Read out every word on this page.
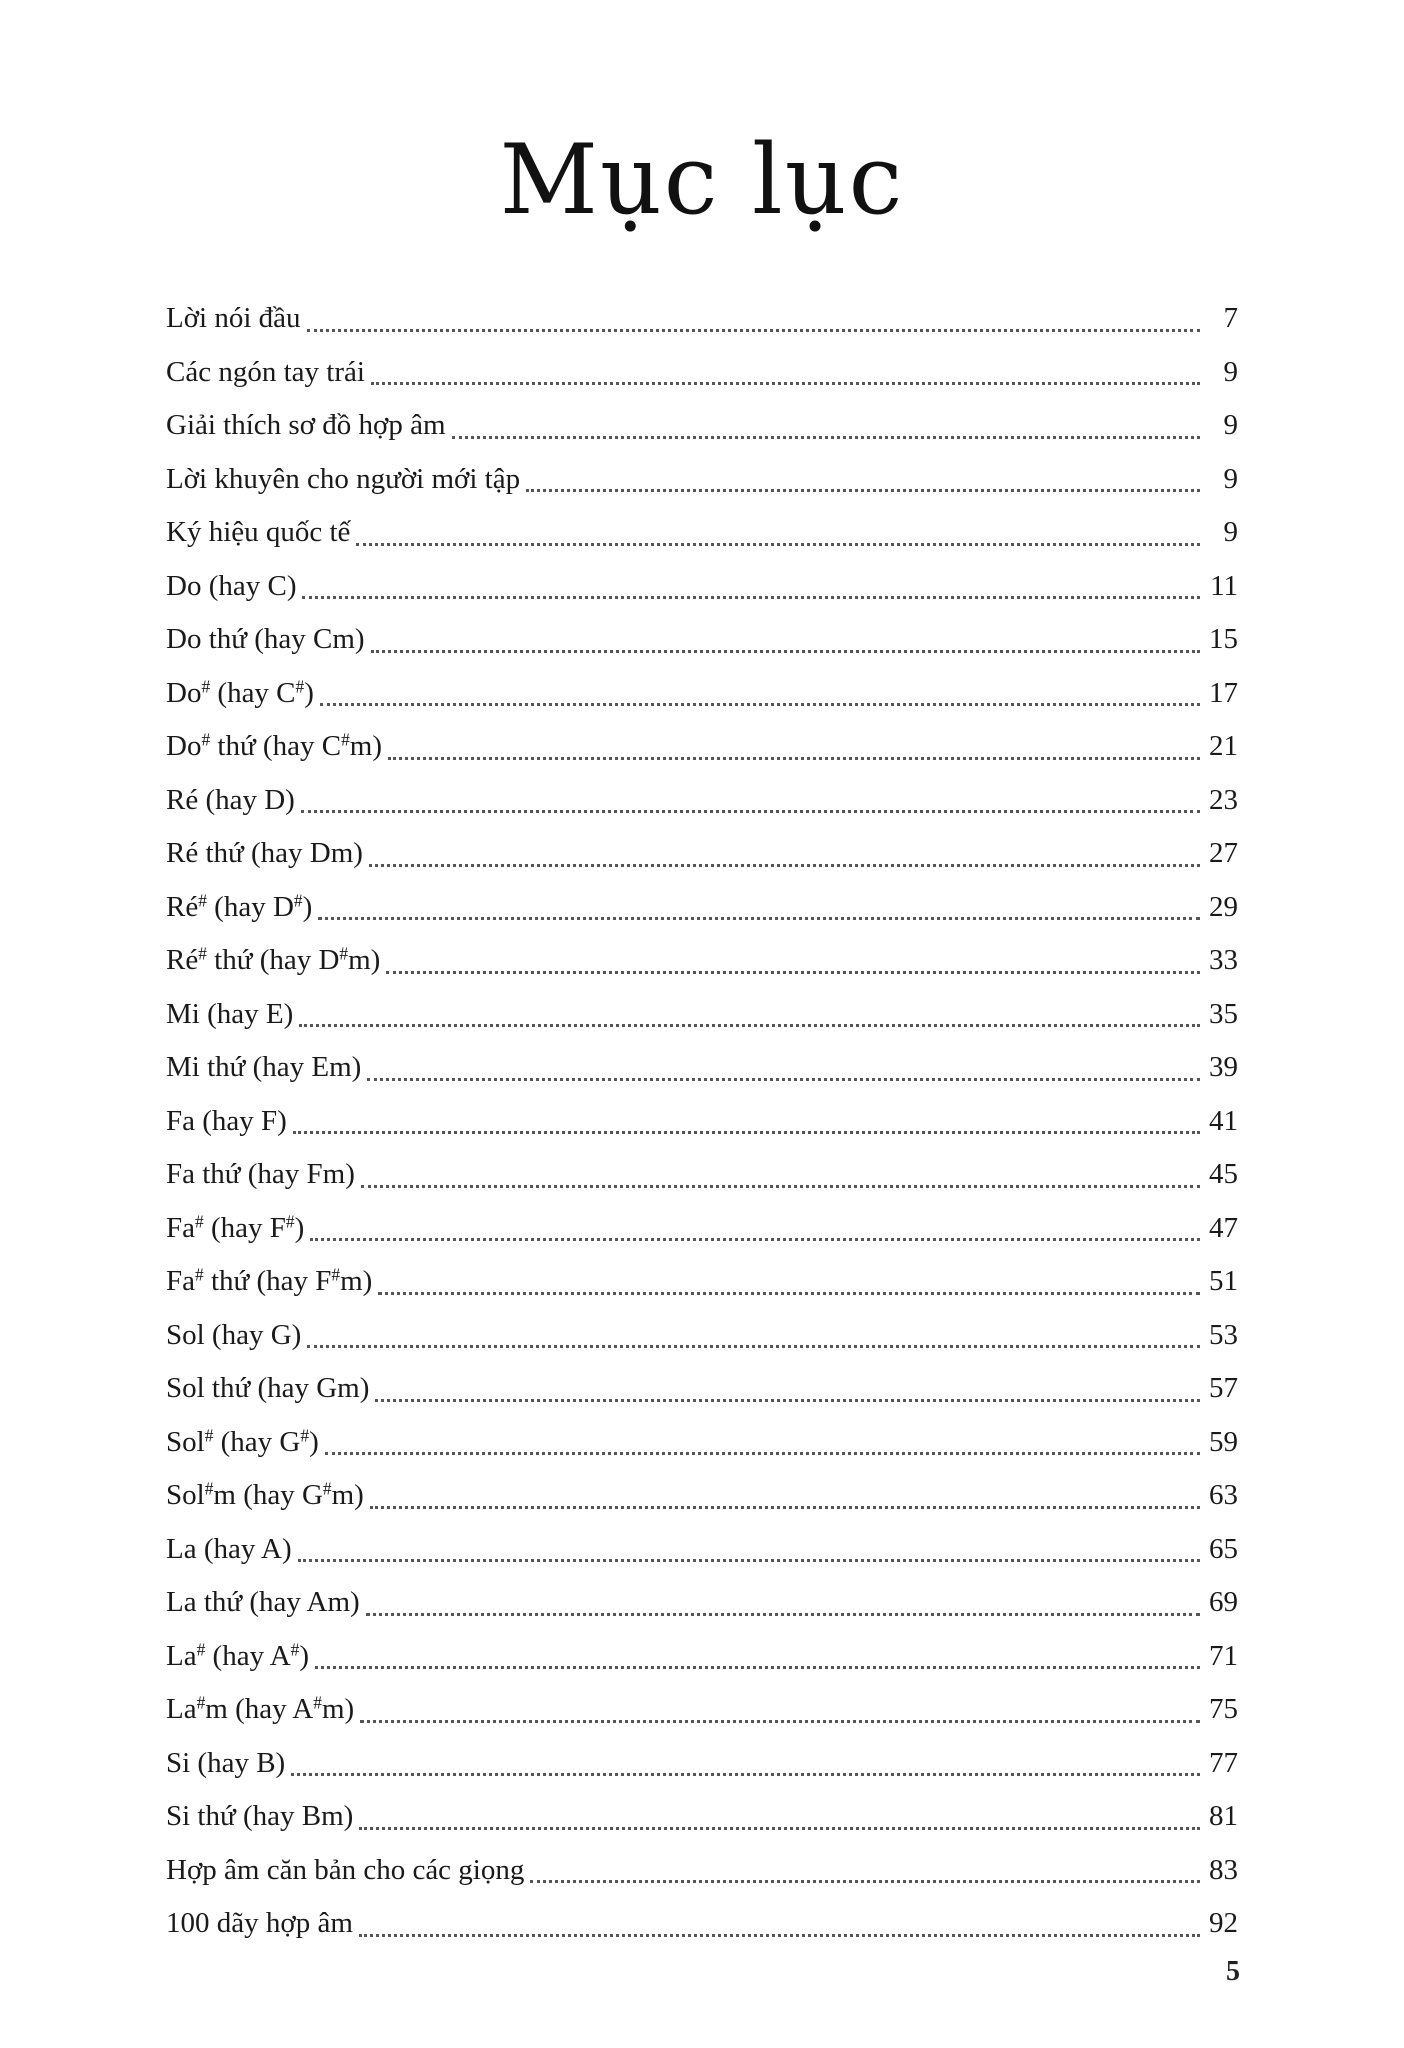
Mục lục
Lời nói đầu	7
Các ngón tay trái	9
Giải thích sơ đồ hợp âm	9
Lời khuyên cho người mới tập	9
Ký hiệu quốc tế	9
Do (hay C)	11
Do thứ (hay Cm)	15
Do# (hay C#)	17
Do# thứ (hay C#m)	21
Ré (hay D)	23
Ré thứ (hay Dm)	27
Ré# (hay D#)	29
Ré# thứ (hay D#m)	33
Mi (hay E)	35
Mi thứ (hay Em)	39
Fa (hay F)	41
Fa thứ (hay Fm)	45
Fa# (hay F#)	47
Fa# thứ (hay F#m)	51
Sol (hay G)	53
Sol thứ (hay Gm)	57
Sol# (hay G#)	59
Sol#m (hay G#m)	63
La (hay A)	65
La thứ (hay Am)	69
La# (hay A#)	71
La#m (hay A#m)	75
Si (hay B)	77
Si thứ (hay Bm)	81
Hợp âm căn bản cho các giọng	83
100 dãy hợp âm	92
5
